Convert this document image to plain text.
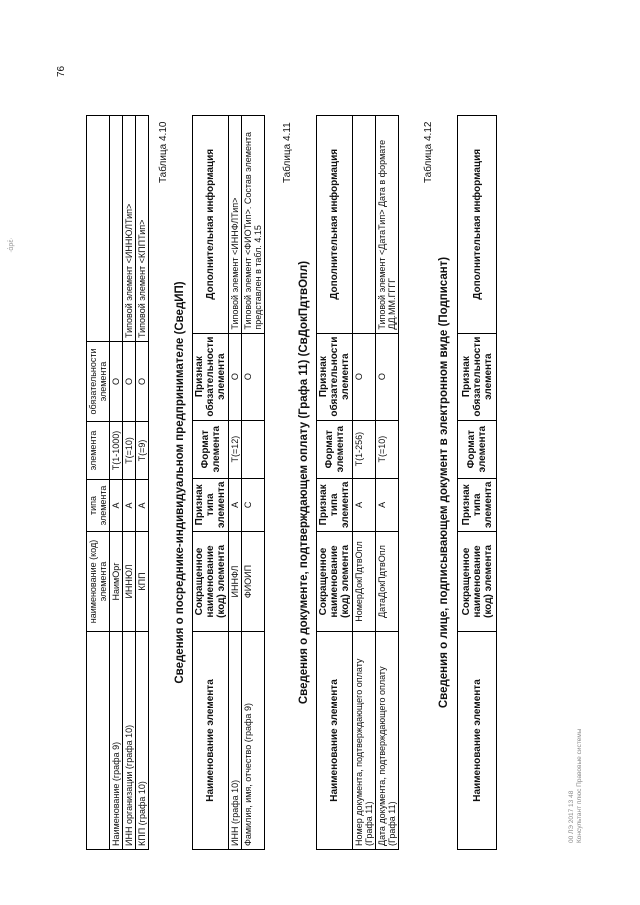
76
·ἀρἐ·
	наименование (код) элемента	типа элемента	элемента	обязательности элемента	
Наименование (графа 9)	НаимОрг	А	Т(1-1000)	О	
ИНН организации (графа 10)	ИННЮЛ	А	Т(=10)	О	Типовой элемент <ИННЮЛТип>
КПП (графа 10)	КПП	А	Т(=9)	О	Типовой элемент <КППТип>
Таблица 4.10
Сведения о посреднике-индивидуальном предпринимателе (СведИП)
Наименование элемента	Сокращенное наименование (код) элемента	Признак типа элемента	Формат элемента	Признак обязательности элемента	Дополнительная информация
ИНН (графа 10)	ИННФЛ	А	Т(=12)	О	Типовой элемент <ИННФЛТип>
Фамилия, имя, отчество (графа 9)	ФИОИП	С		О	Типовой элемент <ФИОТип>. Состав элемента представлен в табл. 4.15
Таблица 4.11
Сведения о документе, подтверждающем оплату (Графа 11) (СвДокПдтвОпл)
Наименование элемента	Сокращенное наименование (код) элемента	Признак типа элемента	Формат элемента	Признак обязательности элемента	Дополнительная информация
Номер документа, подтверждающего оплату (Графа 11)	НомерДокПдтвОпл	А	Т(1-256)	О	
Дата документа, подтверждающего оплату (Графа 11)	ДатаДокПдтвОпл	А	Т(=10)	О	Типовой элемент <ДатаТип> Дата в формате ДД.ММ.ГГГГ
Таблица 4.12
Сведения о лице, подписывающем документ в электронном виде (Подписант)
Наименование элемента	Сокращенное наименование (код) элемента	Признак типа элемента	Формат элемента	Признак обязательности элемента	Дополнительная информация
00 ЛЭ 2017 13 48 Консультант плюс Правовые системы
